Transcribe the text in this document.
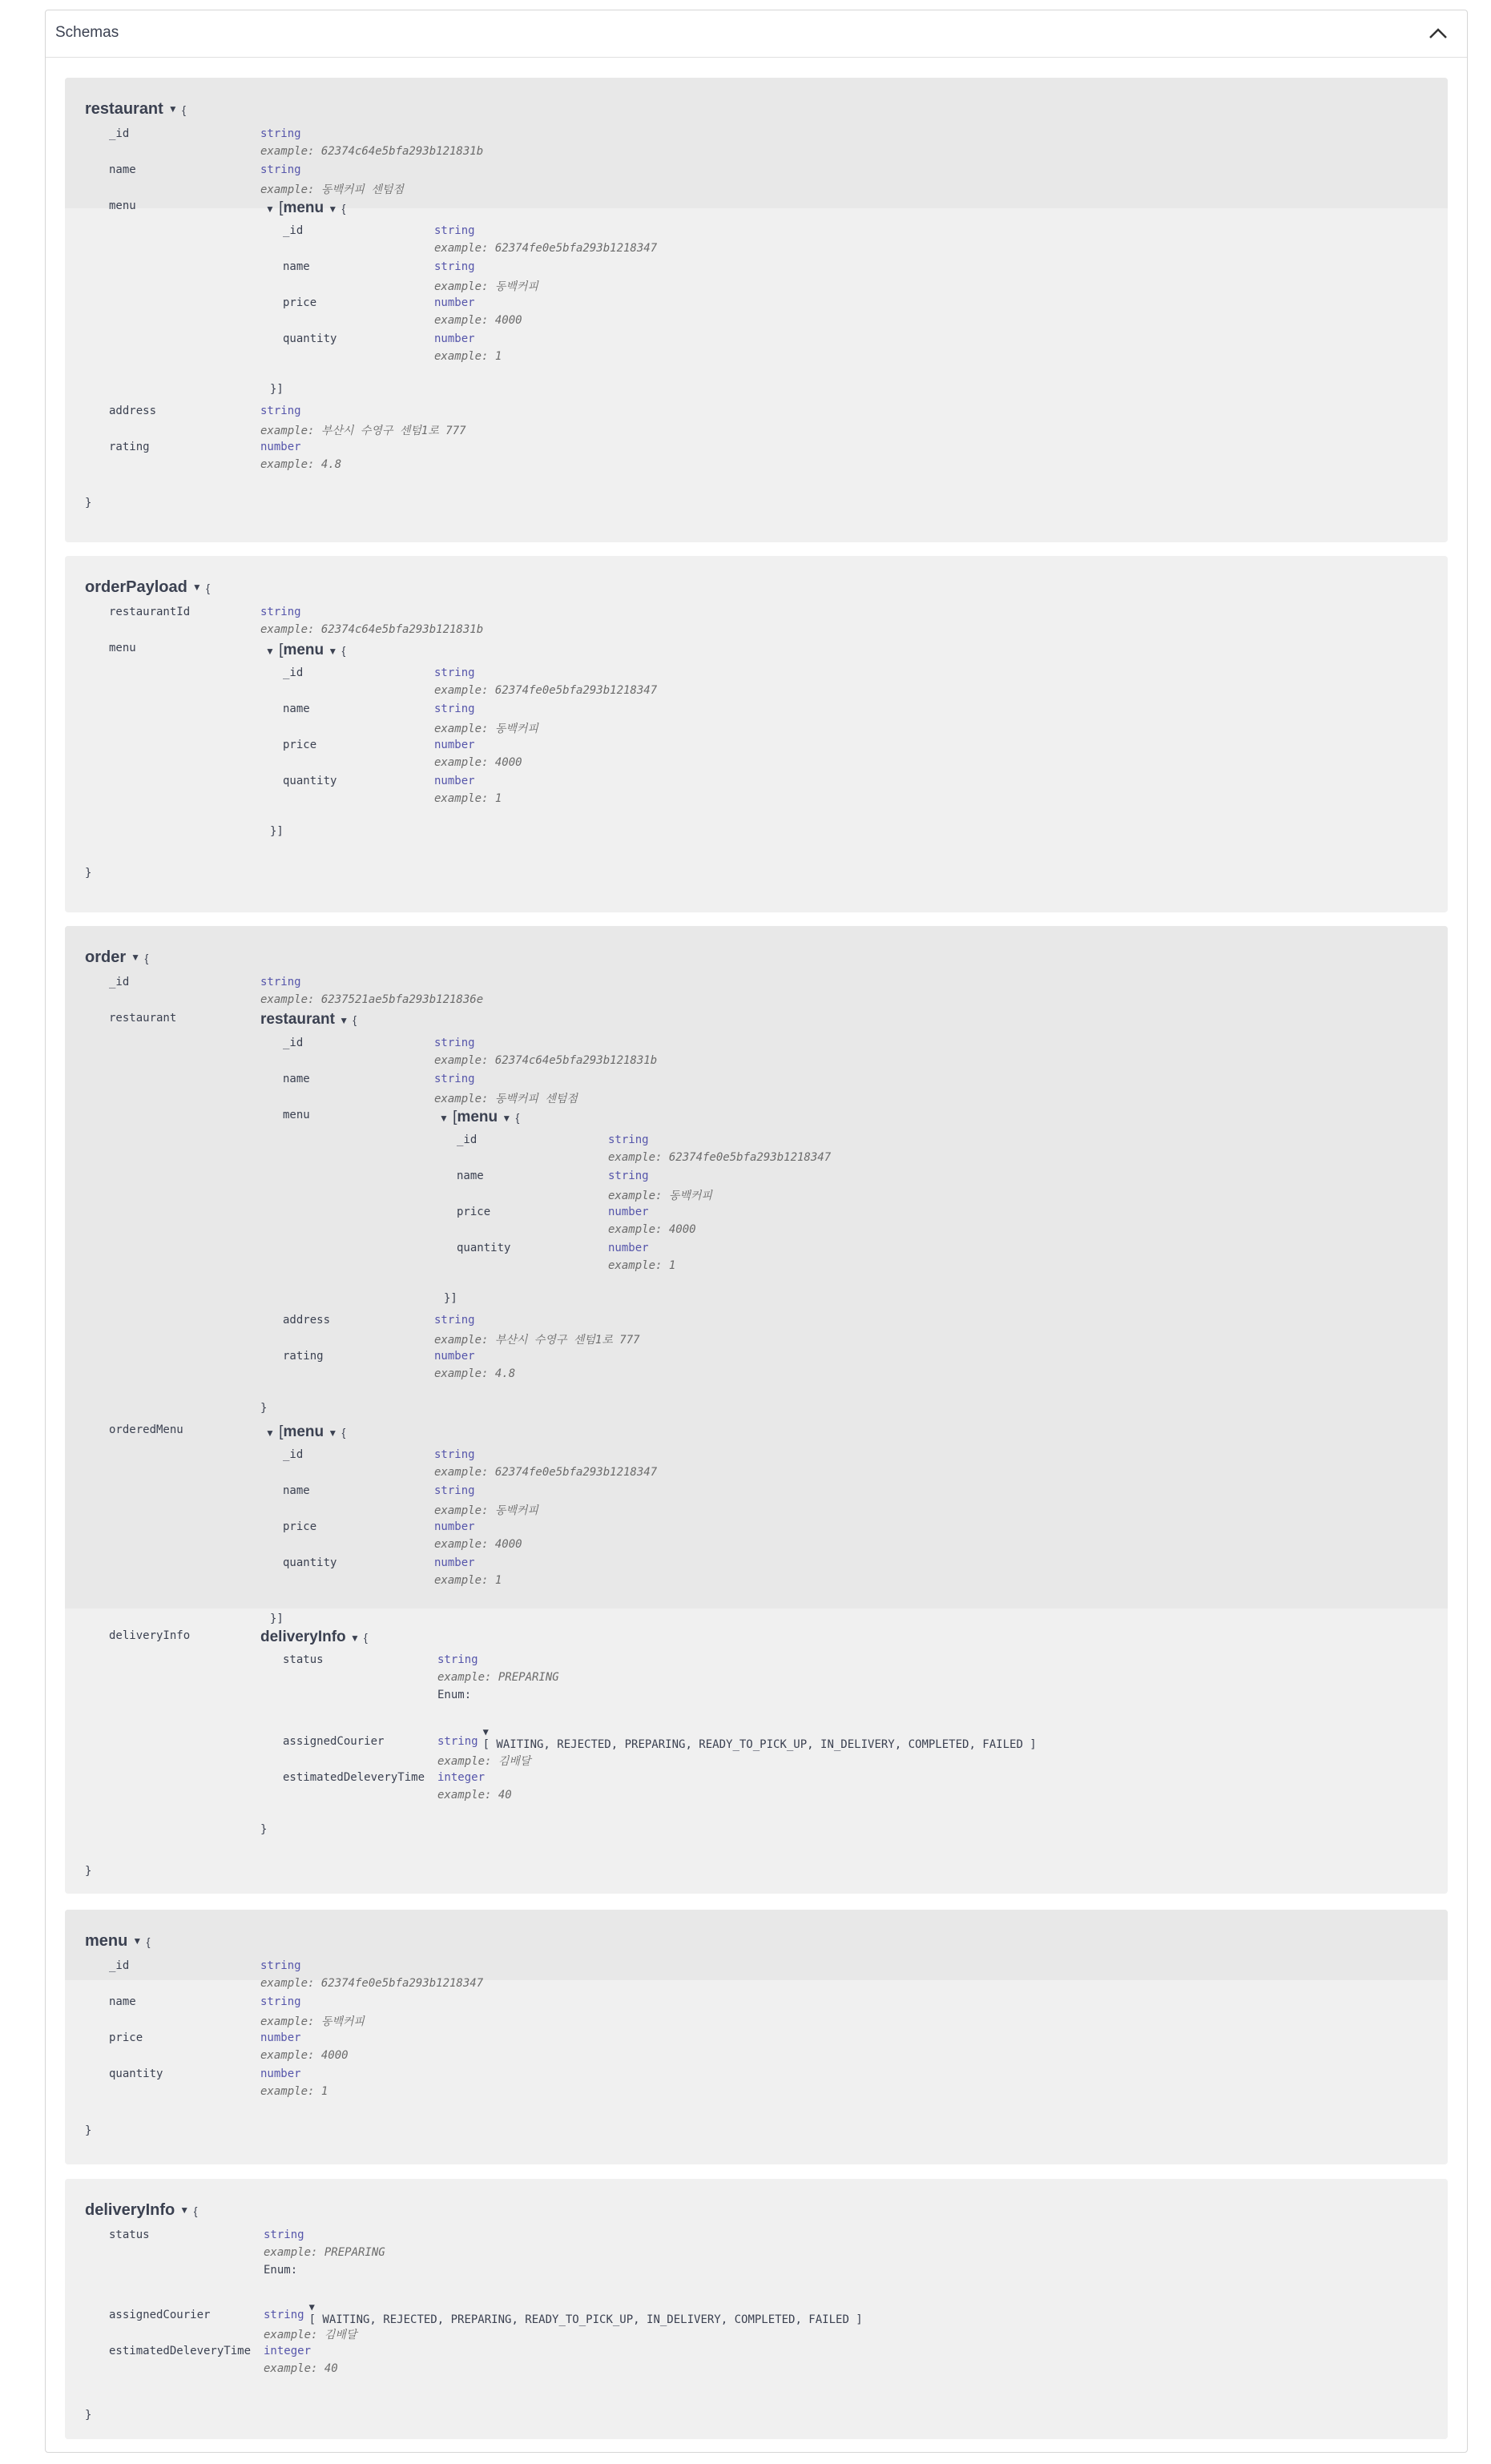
Schemas
restaurant ▼ {
_id	string
example: 62374c64e5bfa293b121831b
name	string
example: 동백커피 센텀점
menu	▼ [menu ▼ {
_id	string
example: 62374fe0e5bfa293b1218347
name	string
example: 동백커피
price	number
example: 4000
quantity	number
example: 1
}]
address	string
example: 부산시 수영구 센텀1로 777
rating	number
example: 4.8
}
orderPayload ▼ {
restaurantId	string
example: 62374c64e5bfa293b121831b
menu	▼ [menu ▼ {
_id	string
example: 62374fe0e5bfa293b1218347
name	string
example: 동백커피
price	number
example: 4000
quantity	number
example: 1
}]
}
order ▼ {
_id	string
example: 6237521ae5bfa293b121836e
restaurant	restaurant ▼ {
_id	string
example: 62374c64e5bfa293b121831b
name	string
example: 동백커피 센텀점
menu	▼ [menu ▼ {
_id	string
example: 62374fe0e5bfa293b1218347
name	string
example: 동백커피
price	number
example: 4000
quantity	number
example: 1
}]
address	string
example: 부산시 수영구 센텀1로 777
rating	number
example: 4.8
}
orderedMenu	▼ [menu ▼ {
_id	string
example: 62374fe0e5bfa293b1218347
name	string
example: 동백커피
price	number
example: 4000
quantity	number
example: 1
}]
deliveryInfo	deliveryInfo ▼ {
status	string
example: PREPARING
Enum:

▼
[ WAITING, REJECTED, PREPARING, READY_TO_PICK_UP, IN_DELIVERY, COMPLETED, FAILED ]

assignedCourier	string
example: 김배달
estimatedDeleveryTime integer
example: 40
}
}
menu ▼ {
_id	string
example: 62374fe0e5bfa293b1218347
name	string
example: 동백커피
price	number
example: 4000
quantity	number
example: 1
}
deliveryInfo ▼ {
status	string
example: PREPARING
Enum:

▼
[ WAITING, REJECTED, PREPARING, READY_TO_PICK_UP, IN_DELIVERY, COMPLETED, FAILED ]

assignedCourier	string
example: 김배달
estimatedDeleveryTime integer
example: 40
}
